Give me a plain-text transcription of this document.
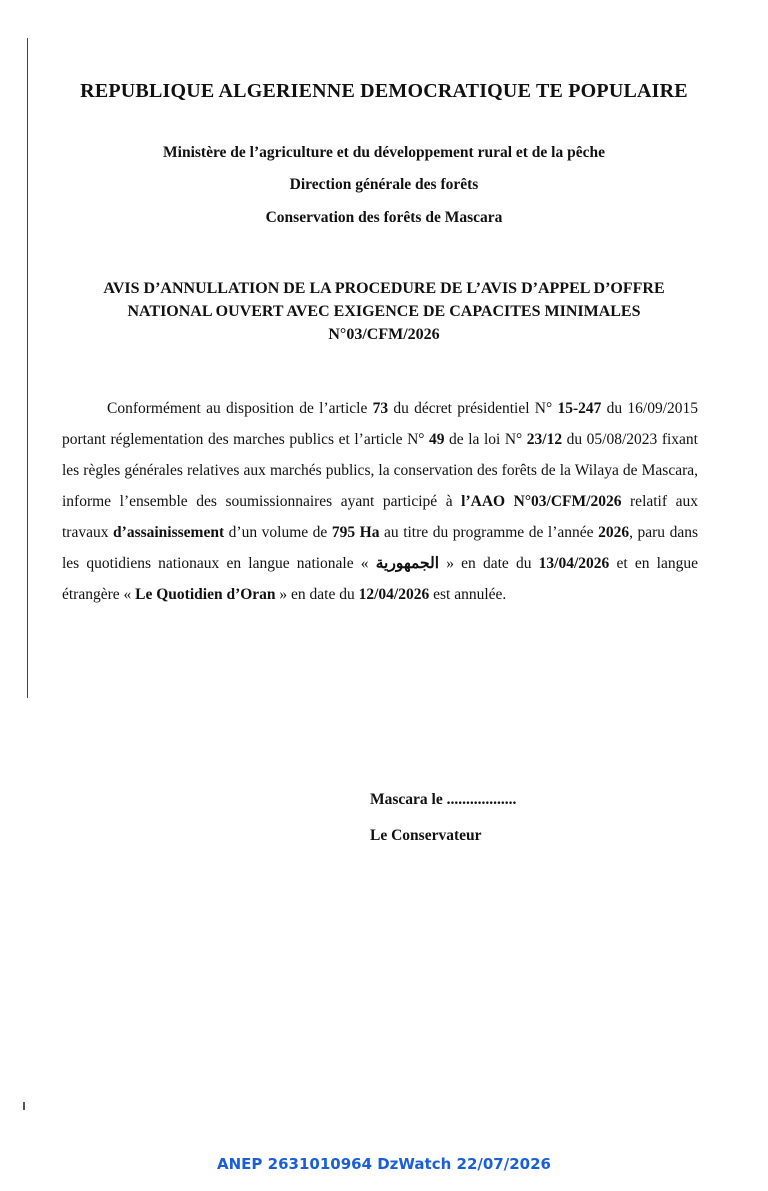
REPUBLIQUE ALGERIENNE DEMOCRATIQUE TE POPULAIRE
Ministère de l’agriculture et du développement rural et de la pêche
Direction générale des forêts
Conservation des forêts de Mascara
AVIS D’ANNULLATION DE LA PROCEDURE DE L’AVIS D’APPEL D’OFFRE
NATIONAL OUVERT AVEC EXIGENCE DE CAPACITES MINIMALES
N°03/CFM/2026

Conformément au disposition de l’article 73 du décret présidentiel N° 15-247 du 16/09/2015 portant réglementation des marches publics et l’article N° 49 de la loi N° 23/12 du 05/08/2023 fixant les règles générales relatives aux marchés publics, la conservation des forêts de la Wilaya de Mascara, informe l’ensemble des soumissionnaires ayant participé à l’AAO N°03/CFM/2026 relatif aux travaux d’assainissement d’un volume de 795 Ha au titre du programme de l’année 2026, paru dans les quotidiens nationaux en langue nationale « الجمهورية » en date du 13/04/2026 et en langue étrangère « Le Quotidien d’Oran » en date du 12/04/2026 est annulée.

Mascara le ..................
Le Conservateur
ANEP 2631010964 DzWatch 22/07/2026
